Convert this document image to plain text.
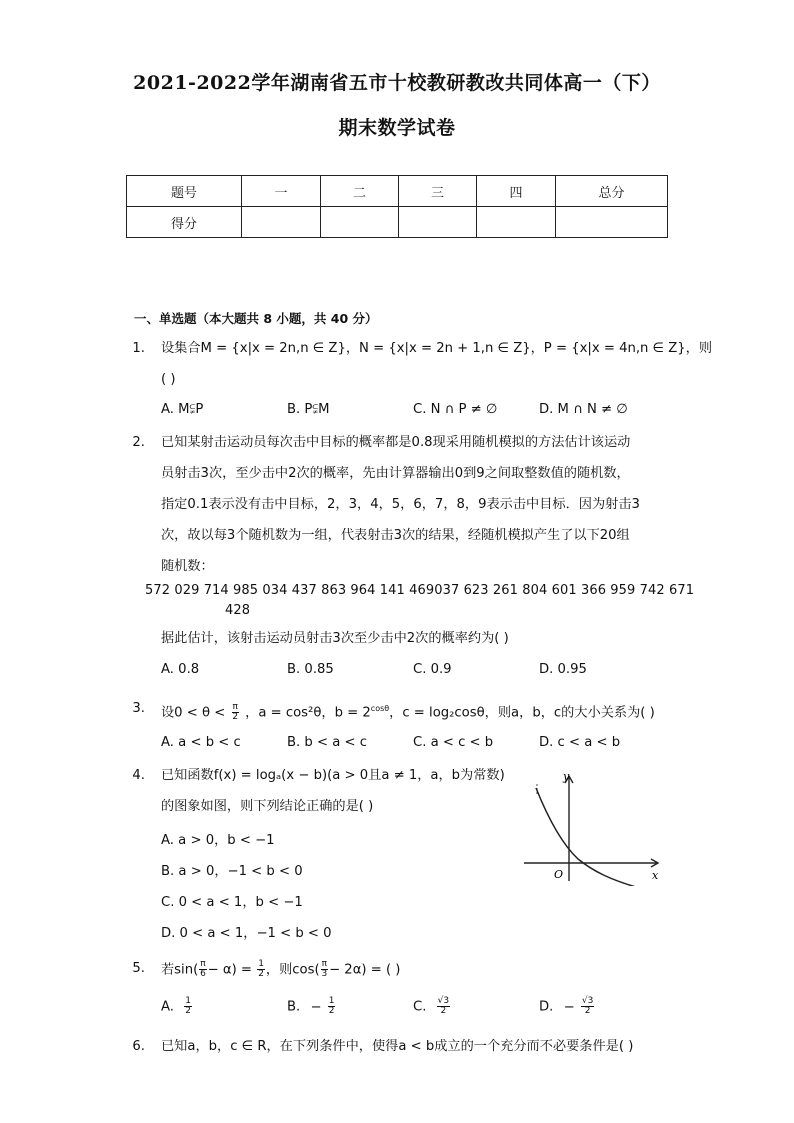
2021-2022学年湖南省五市十校教研教改共同体高一（下）
期末数学试卷
题号	一	二	三	四	总分
得分					
一、单选题（本大题共 8 小题，共 40 分）
1. 设集合M = {x|x = 2n,n ∈ Z}，N = {x|x = 2n + 1,n ∈ Z}，P = {x|x = 4n,n ∈ Z}，则
( )
A. M⫋P	B. P⫋M	C. N ∩ P ≠ ∅	D. M ∩ N ≠ ∅
2. 已知某射击运动员每次击中目标的概率都是0.8现采用随机模拟的方法估计该运动
员射击3次，至少击中2次的概率，先由计算器输出0到9之间取整数值的随机数，
指定0.1表示没有击中目标，2，3，4，5，6，7，8，9表示击中目标．因为射击3
次，故以每3个随机数为一组，代表射击3次的结果，经随机模拟产生了以下20组
随机数：
572 029 714 985 034 437 863 964 141 469037 623 261 804 601 366 959 742 671
428
据此估计，该射击运动员射击3次至少击中2次的概率约为( )
A. 0.8	B. 0.85	C. 0.9	D. 0.95
3. 设$0 < \theta < \frac{\pi}{2}$ ，a = cos²θ，$b = 2^{cos\theta}$，c = log₂cosθ，则a，b，c的大小关系为( )
A. a < b < c	B. b < a < c	C. a < c < b	D. c < a < b
4. 已知函数f(x) = logₐ(x − b)(a > 0且a ≠ 1，a，b为常数)
的图象如图，则下列结论正确的是( )
A. a > 0，b < −1
B. a > 0，−1 < b < 0
C. 0 < a < 1，b < −1
D. 0 < a < 1，−1 < b < 0
y
x
O
5. 若$\sin( \frac{\pi}{6} - \alpha) = \frac{1}{2}$ ，则$\cos( \frac{\pi}{3} - 2\alpha)$ = ( )
A. $\frac{1}{2}$	B. − $\frac{1}{2}$	C. $\frac{√3}{2}$	D. − $\frac{√3}{2}$
6. 已知a，b，c ∈ R，在下列条件中，使得a < b成立的一个充分而不必要条件是( )
